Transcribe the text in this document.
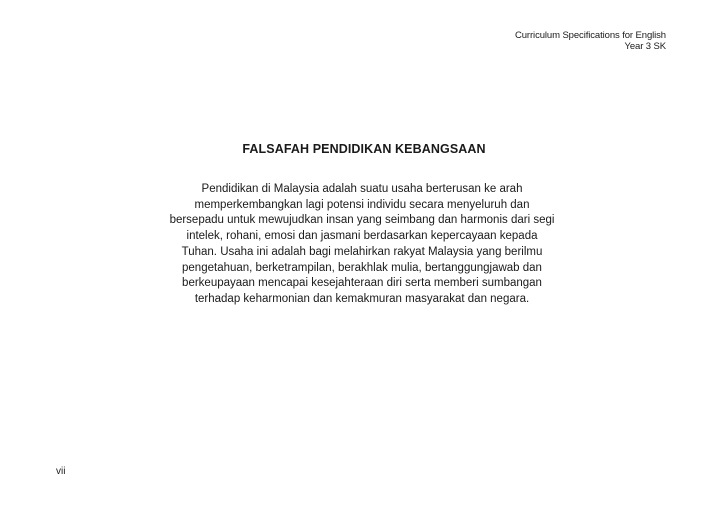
Curriculum Specifications for English
Year 3 SK
FALSAFAH PENDIDIKAN KEBANGSAAN
Pendidikan di Malaysia adalah suatu usaha berterusan ke arah
memperkembangkan lagi potensi individu secara menyeluruh dan
bersepadu untuk mewujudkan insan yang seimbang dan harmonis dari segi
intelek, rohani, emosi dan jasmani berdasarkan kepercayaan kepada
Tuhan. Usaha ini adalah bagi melahirkan rakyat Malaysia yang berilmu
pengetahuan, berketrampilan, berakhlak mulia, bertanggungjawab dan
berkeupayaan mencapai kesejahteraan diri serta memberi sumbangan
terhadap keharmonian dan kemakmuran masyarakat dan negara.
vii
